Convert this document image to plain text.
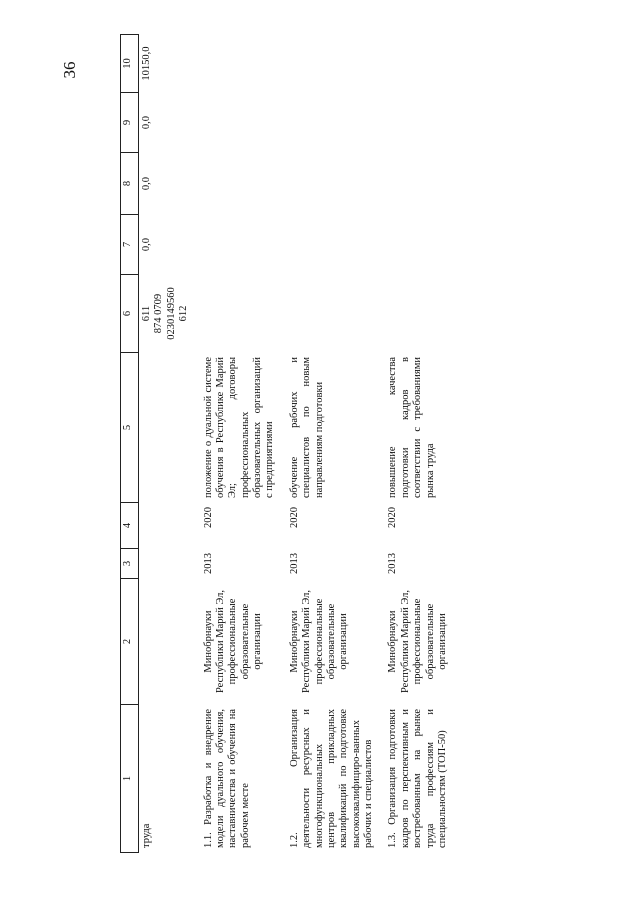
36
1	2	3	4	5	6	7	8	9	10
труда					611
874 0709
0230149560
612	0,0	0,0	0,0	10150,0
1.1. Разработка и внедрение модели дуального обучения, наставничества и обучения на рабочем месте	Минобрнауки Республики Марий Эл, профессиональные образовательные организации	2013	2020	положение о дуальной системе обучения в Республике Марий Эл; договоры профессиональных образовательных организаций с предприятиями					
1.2. Организация деятельности ресурсных и многофункциональных центров прикладных квалификаций по подготовке высококвалифициро-ванных рабочих и специалистов	Минобрнауки Республики Марий Эл, профессиональные образовательные организации	2013	2020	обучение рабочих и специалистов по новым направлениям подготовки					
1.3. Организация подготовки кадров по перспективным и востребованным на рынке труда профессиям и специальностям (ТОП-50)	Минобрнауки Республики Марий Эл, профессиональные образовательные организации	2013	2020	повышение качества подготовки кадров в соответствии с требованиями рынка труда					
